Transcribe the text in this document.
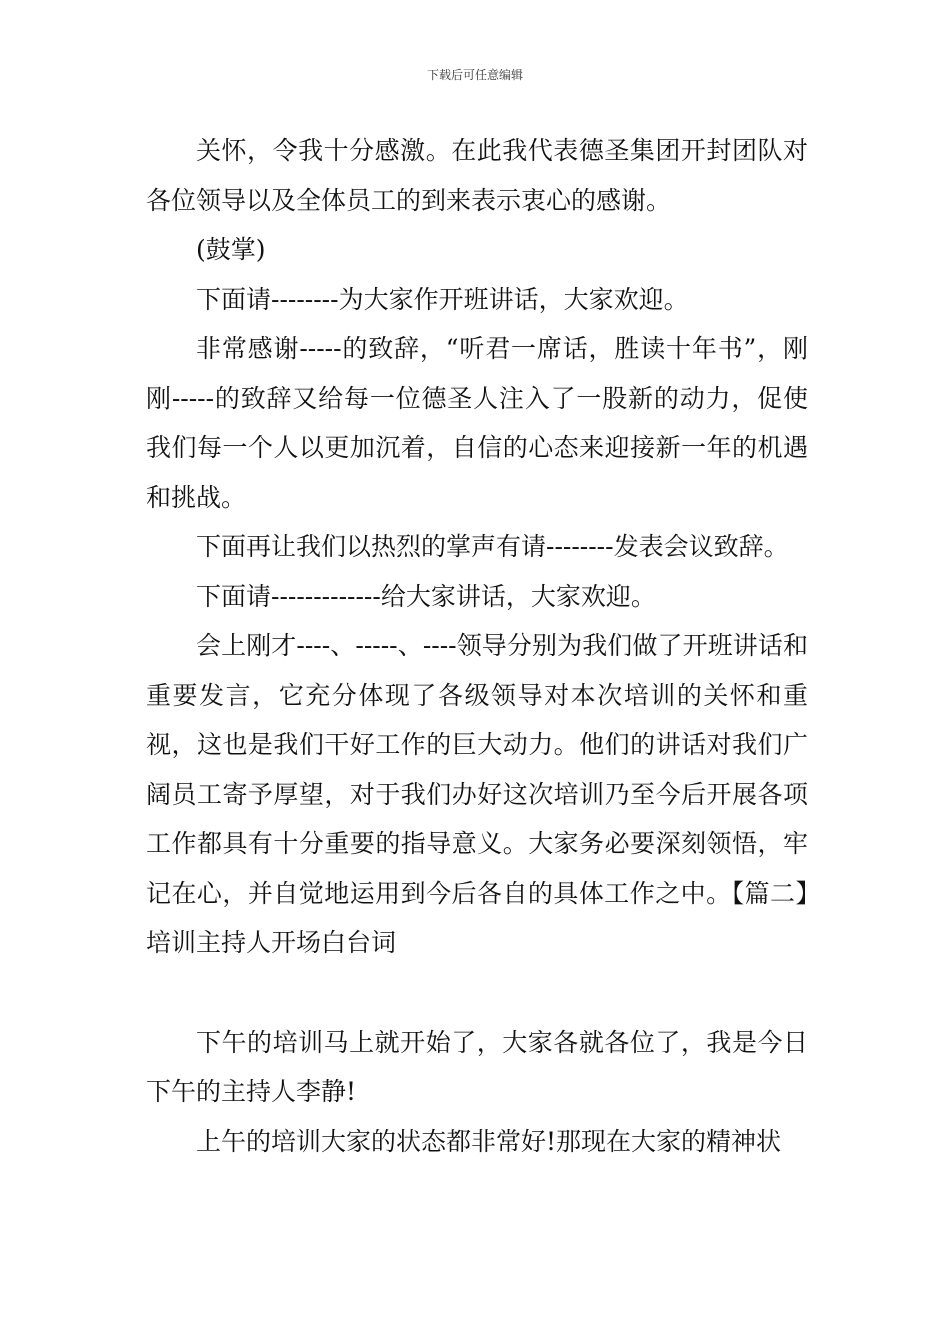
下载后可任意编辑

关怀，令我十分感激。在此我代表德圣集团开封团队对各位领导以及全体员工的到来表示衷心的感谢。

(鼓掌)

下面请--------为大家作开班讲话，大家欢迎。

非常感谢-----的致辞，“听君一席话，胜读十年书”，刚刚-----的致辞又给每一位德圣人注入了一股新的动力，促使我们每一个人以更加沉着，自信的心态来迎接新一年的机遇和挑战。

下面再让我们以热烈的掌声有请--------发表会议致辞。

下面请-------------给大家讲话，大家欢迎。

会上刚才----、-----、----领导分别为我们做了开班讲话和重要发言，它充分体现了各级领导对本次培训的关怀和重视，这也是我们干好工作的巨大动力。他们的讲话对我们广阔员工寄予厚望，对于我们办好这次培训乃至今后开展各项工作都具有十分重要的指导意义。大家务必要深刻领悟，牢记在心，并自觉地运用到今后各自的具体工作之中。【篇二】培训主持人开场白台词

下午的培训马上就开始了，大家各就各位了，我是今日下午的主持人李静!

上午的培训大家的状态都非常好!那现在大家的精神状
